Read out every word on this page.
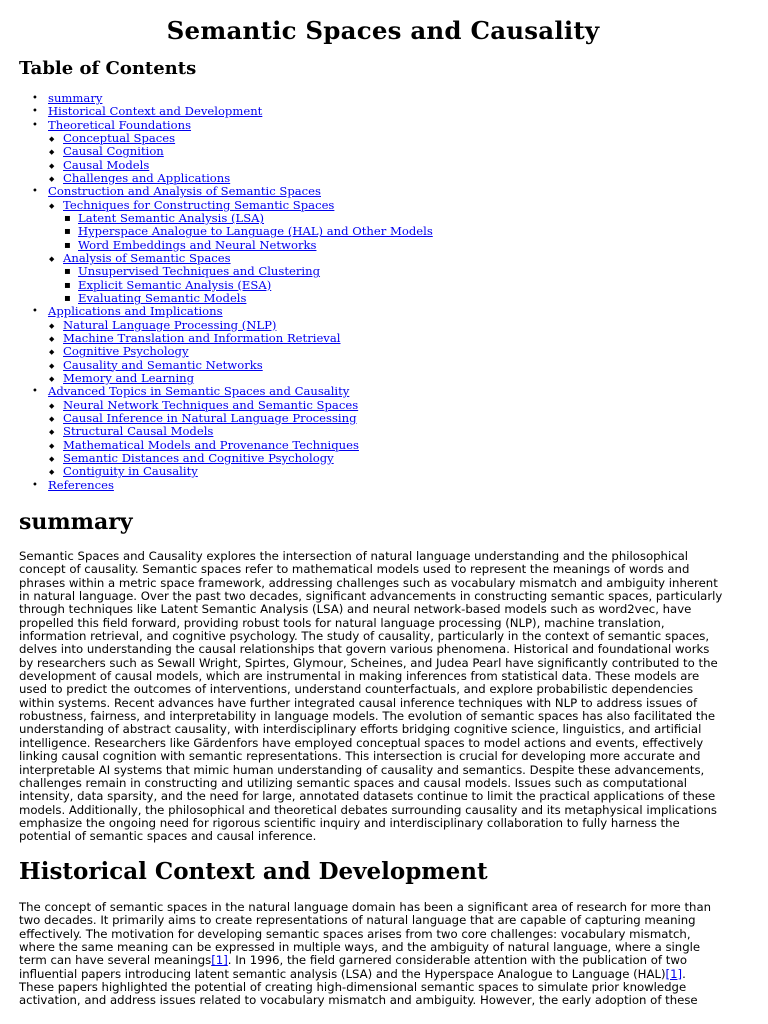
Semantic Spaces and Causality
Table of Contents
• summary
• Historical Context and Development
• Theoretical Foundations
◆ Conceptual Spaces
◆ Causal Cognition
◆ Causal Models
◆ Challenges and Applications
• Construction and Analysis of Semantic Spaces
◆ Techniques for Constructing Semantic Spaces
▪ Latent Semantic Analysis (LSA)
▪ Hyperspace Analogue to Language (HAL) and Other Models
▪ Word Embeddings and Neural Networks
◆ Analysis of Semantic Spaces
▪ Unsupervised Techniques and Clustering
▪ Explicit Semantic Analysis (ESA)
▪ Evaluating Semantic Models
• Applications and Implications
◆ Natural Language Processing (NLP)
◆ Machine Translation and Information Retrieval
◆ Cognitive Psychology
◆ Causality and Semantic Networks
◆ Memory and Learning
• Advanced Topics in Semantic Spaces and Causality
◆ Neural Network Techniques and Semantic Spaces
◆ Causal Inference in Natural Language Processing
◆ Structural Causal Models
◆ Mathematical Models and Provenance Techniques
◆ Semantic Distances and Cognitive Psychology
◆ Contiguity in Causality
• References
summary

Semantic Spaces and Causality explores the intersection of natural language understanding and the philosophical
concept of causality. Semantic spaces refer to mathematical models used to represent the meanings of words and
phrases within a metric space framework, addressing challenges such as vocabulary mismatch and ambiguity inherent
in natural language. Over the past two decades, significant advancements in constructing semantic spaces, particularly
through techniques like Latent Semantic Analysis (LSA) and neural network-based models such as word2vec, have
propelled this field forward, providing robust tools for natural language processing (NLP), machine translation,
information retrieval, and cognitive psychology. The study of causality, particularly in the context of semantic spaces,
delves into understanding the causal relationships that govern various phenomena. Historical and foundational works
by researchers such as Sewall Wright, Spirtes, Glymour, Scheines, and Judea Pearl have significantly contributed to the
development of causal models, which are instrumental in making inferences from statistical data. These models are
used to predict the outcomes of interventions, understand counterfactuals, and explore probabilistic dependencies
within systems. Recent advances have further integrated causal inference techniques with NLP to address issues of
robustness, fairness, and interpretability in language models. The evolution of semantic spaces has also facilitated the
understanding of abstract causality, with interdisciplinary efforts bridging cognitive science, linguistics, and artificial
intelligence. Researchers like Gärdenfors have employed conceptual spaces to model actions and events, effectively
linking causal cognition with semantic representations. This intersection is crucial for developing more accurate and
interpretable AI systems that mimic human understanding of causality and semantics. Despite these advancements,
challenges remain in constructing and utilizing semantic spaces and causal models. Issues such as computational
intensity, data sparsity, and the need for large, annotated datasets continue to limit the practical applications of these
models. Additionally, the philosophical and theoretical debates surrounding causality and its metaphysical implications
emphasize the ongoing need for rigorous scientific inquiry and interdisciplinary collaboration to fully harness the
potential of semantic spaces and causal inference.

Historical Context and Development

The concept of semantic spaces in the natural language domain has been a significant area of research for more than
two decades. It primarily aims to create representations of natural language that are capable of capturing meaning
effectively. The motivation for developing semantic spaces arises from two core challenges: vocabulary mismatch,
where the same meaning can be expressed in multiple ways, and the ambiguity of natural language, where a single
term can have several meanings[1]. In 1996, the field garnered considerable attention with the publication of two
influential papers introducing latent semantic analysis (LSA) and the Hyperspace Analogue to Language (HAL)[1].
These papers highlighted the potential of creating high-dimensional semantic spaces to simulate prior knowledge
activation, and address issues related to vocabulary mismatch and ambiguity. However, the early adoption of these
